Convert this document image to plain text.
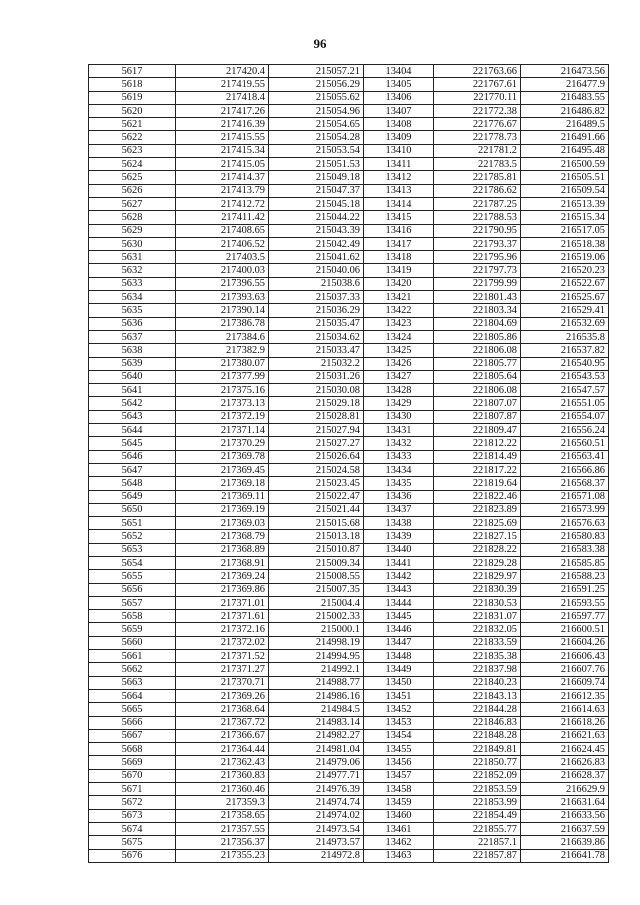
96
5617	217420.4	215057.21	13404	221763.66	216473.56
5618	217419.55	215056.29	13405	221767.61	216477.9
5619	217418.4	215055.62	13406	221770.11	216483.55
5620	217417.26	215054.96	13407	221772.38	216486.82
5621	217416.39	215054.65	13408	221776.67	216489.5
5622	217415.55	215054.28	13409	221778.73	216491.66
5623	217415.34	215053.54	13410	221781.2	216495.48
5624	217415.05	215051.53	13411	221783.5	216500.59
5625	217414.37	215049.18	13412	221785.81	216505.51
5626	217413.79	215047.37	13413	221786.62	216509.54
5627	217412.72	215045.18	13414	221787.25	216513.39
5628	217411.42	215044.22	13415	221788.53	216515.34
5629	217408.65	215043.39	13416	221790.95	216517.05
5630	217406.52	215042.49	13417	221793.37	216518.38
5631	217403.5	215041.62	13418	221795.96	216519.06
5632	217400.03	215040.06	13419	221797.73	216520.23
5633	217396.55	215038.6	13420	221799.99	216522.67
5634	217393.63	215037.33	13421	221801.43	216525.67
5635	217390.14	215036.29	13422	221803.34	216529.41
5636	217386.78	215035.47	13423	221804.69	216532.69
5637	217384.6	215034.62	13424	221805.86	216535.8
5638	217382.9	215033.47	13425	221806.08	216537.82
5639	217380.07	215032.2	13426	221805.77	216540.95
5640	217377.99	215031.26	13427	221805.64	216543.53
5641	217375.16	215030.08	13428	221806.08	216547.57
5642	217373.13	215029.18	13429	221807.07	216551.05
5643	217372.19	215028.81	13430	221807.87	216554.07
5644	217371.14	215027.94	13431	221809.47	216556.24
5645	217370.29	215027.27	13432	221812.22	216560.51
5646	217369.78	215026.64	13433	221814.49	216563.41
5647	217369.45	215024.58	13434	221817.22	216566.86
5648	217369.18	215023.45	13435	221819.64	216568.37
5649	217369.11	215022.47	13436	221822.46	216571.08
5650	217369.19	215021.44	13437	221823.89	216573.99
5651	217369.03	215015.68	13438	221825.69	216576.63
5652	217368.79	215013.18	13439	221827.15	216580.83
5653	217368.89	215010.87	13440	221828.22	216583.38
5654	217368.91	215009.34	13441	221829.28	216585.85
5655	217369.24	215008.55	13442	221829.97	216588.23
5656	217369.86	215007.35	13443	221830.39	216591.25
5657	217371.01	215004.4	13444	221830.53	216593.55
5658	217371.61	215002.33	13445	221831.07	216597.77
5659	217372.16	215000.1	13446	221832.05	216600.51
5660	217372.02	214998.19	13447	221833.59	216604.26
5661	217371.52	214994.95	13448	221835.38	216606.43
5662	217371.27	214992.1	13449	221837.98	216607.76
5663	217370.71	214988.77	13450	221840.23	216609.74
5664	217369.26	214986.16	13451	221843.13	216612.35
5665	217368.64	214984.5	13452	221844.28	216614.63
5666	217367.72	214983.14	13453	221846.83	216618.26
5667	217366.67	214982.27	13454	221848.28	216621.63
5668	217364.44	214981.04	13455	221849.81	216624.45
5669	217362.43	214979.06	13456	221850.77	216626.83
5670	217360.83	214977.71	13457	221852.09	216628.37
5671	217360.46	214976.39	13458	221853.59	216629.9
5672	217359.3	214974.74	13459	221853.99	216631.64
5673	217358.65	214974.02	13460	221854.49	216633.56
5674	217357.55	214973.54	13461	221855.77	216637.59
5675	217356.37	214973.57	13462	221857.1	216639.86
5676	217355.23	214972.8	13463	221857.87	216641.78
